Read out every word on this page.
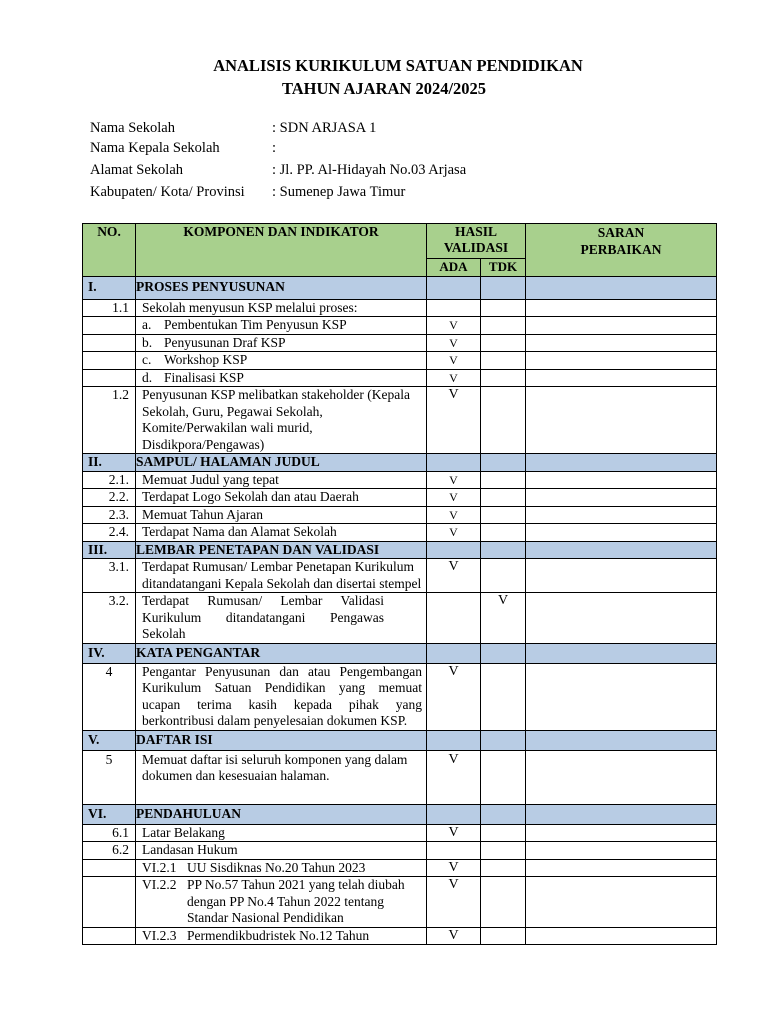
ANALISIS KURIKULUM SATUAN PENDIDIKAN
TAHUN AJARAN 2024/2025
Nama Sekolah	: SDN ARJASA 1
Nama Kepala Sekolah	:
Alamat Sekolah	: Jl. PP. Al-Hidayah No.03 Arjasa
Kabupaten/ Kota/ Provinsi	: Sumenep Jawa Timur
NO.	KOMPONEN DAN INDIKATOR	HASIL VALIDASI		SARAN PERBAIKAN
		ADA	TDK	
I.	PROSES PENYUSUNAN			
1.1	Sekolah menyusun KSP melalui proses:			

	a. Pembentukan Tim Penyusun KSP	V		

	b. Penyusunan Draf KSP	V		

	c. Workshop KSP	V		

	d. Finalisasi KSP	V		
1.2	Penyusunan KSP melibatkan stakeholder (Kepala Sekolah, Guru, Pegawai Sekolah, Komite/Perwakilan wali murid, Disdikpora/Pengawas)	V		
II.	SAMPUL/ HALAMAN JUDUL			
2.1.	Memuat Judul yang tepat	V		
2.2.	Terdapat Logo Sekolah dan atau Daerah	V		
2.3.	Memuat Tahun Ajaran	V		
2.4.	Terdapat Nama dan Alamat Sekolah	V		
III.	LEMBAR PENETAPAN DAN VALIDASI			
3.1.	Terdapat Rumusan/ Lembar Penetapan Kurikulum ditandatangani Kepala Sekolah dan disertai stempel	V		
3.2.	Terdapat Rumusan/ Lembar Validasi Kurikulum ditandatangani Pengawas Sekolah		V	
IV.	KATA PENGANTAR			
4	Pengantar Penyusunan dan atau Pengembangan Kurikulum Satuan Pendidikan yang memuat ucapan terima kasih kepada pihak yang berkontribusi dalam penyelesaian dokumen KSP.	V		
V.	DAFTAR ISI			
5	Memuat daftar isi seluruh komponen yang dalam dokumen dan kesesuaian halaman.	V		
VI.	PENDAHULUAN			
6.1	Latar Belakang	V		
6.2	Landasan Hukum			

	VI.2.1 UU Sisdiknas No.20 Tahun 2023	V		

	VI.2.2 PP No.57 Tahun 2021 yang telah diubah dengan PP No.4 Tahun 2022 tentang Standar Nasional Pendidikan	V		

	VI.2.3 Permendikbudristek No.12 Tahun	V		
